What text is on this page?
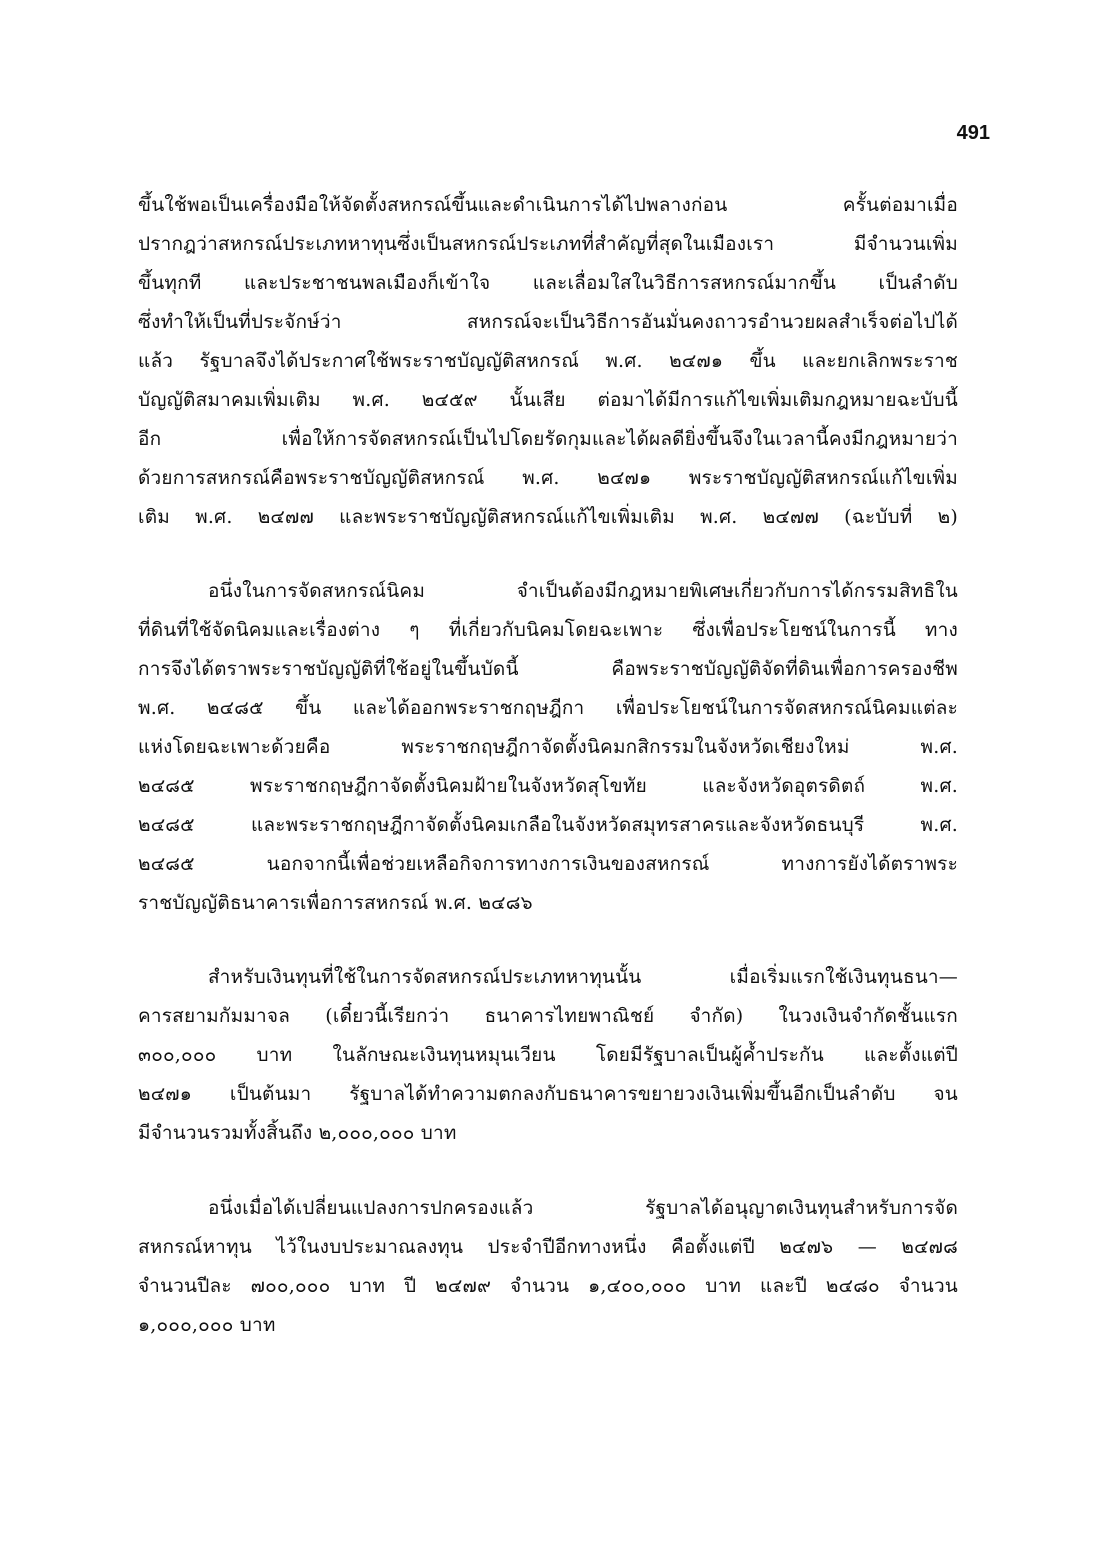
491
ขึ้นใช้พอเป็นเครื่องมือให้จัดตั้งสหกรณ์ขึ้นและดำเนินการได้ไปพลางก่อน ครั้นต่อมาเมื่อ
ปรากฎว่าสหกรณ์ประเภทหาทุนซึ่งเป็นสหกรณ์ประเภทที่สำคัญที่สุดในเมืองเรา มีจำนวนเพิ่ม
ขึ้นทุกที และประชาชนพลเมืองก็เข้าใจ และเลื่อมใสในวิธีการสหกรณ์มากขึ้น เป็นลำดับ
ซึ่งทำให้เป็นที่ประจักษ์ว่า สหกรณ์จะเป็นวิธีการอันมั่นคงถาวรอำนวยผลสำเร็จต่อไปได้
แล้ว รัฐบาลจึงได้ประกาศใช้พระราชบัญญัติสหกรณ์ พ.ศ. ๒๔๗๑ ขึ้น และยกเลิกพระราช
บัญญัติสมาคมเพิ่มเติม พ.ศ. ๒๔๕๙ นั้นเสีย ต่อมาได้มีการแก้ไขเพิ่มเติมกฎหมายฉะบับนี้
อีก เพื่อให้การจัดสหกรณ์เป็นไปโดยรัดกุมและได้ผลดียิ่งขึ้นจึงในเวลานี้คงมีกฎหมายว่า
ด้วยการสหกรณ์คือพระราชบัญญัติสหกรณ์ พ.ศ. ๒๔๗๑ พระราชบัญญัติสหกรณ์แก้ไขเพิ่ม
เติม พ.ศ. ๒๔๗๗ และพระราชบัญญัติสหกรณ์แก้ไขเพิ่มเติม พ.ศ. ๒๔๗๗ (ฉะบับที่ ๒)
อนึ่งในการจัดสหกรณ์นิคม จำเป็นต้องมีกฎหมายพิเศษเกี่ยวกับการได้กรรมสิทธิใน
ที่ดินที่ใช้จัดนิคมและเรื่องต่าง ๆ ที่เกี่ยวกับนิคมโดยฉะเพาะ ซึ่งเพื่อประโยชน์ในการนี้ ทาง
การจึงได้ตราพระราชบัญญัติที่ใช้อยู่ในขึ้นบัดนี้ คือพระราชบัญญัติจัดที่ดินเพื่อการครองชีพ
พ.ศ. ๒๔๘๕ ขึ้น และได้ออกพระราชกฤษฎีกา เพื่อประโยชน์ในการจัดสหกรณ์นิคมแต่ละ
แห่งโดยฉะเพาะด้วยคือ พระราชกฤษฎีกาจัดตั้งนิคมกสิกรรมในจังหวัดเชียงใหม่ พ.ศ.
๒๔๘๕ พระราชกฤษฎีกาจัดตั้งนิคมฝ้ายในจังหวัดสุโขทัย และจังหวัดอุตรดิตถ์ พ.ศ.
๒๔๘๕ และพระราชกฤษฎีกาจัดตั้งนิคมเกลือในจังหวัดสมุทรสาครและจังหวัดธนบุรี พ.ศ.
๒๔๘๕ นอกจากนี้เพื่อช่วยเหลือกิจการทางการเงินของสหกรณ์ ทางการยังได้ตราพระ
ราชบัญญัติธนาคารเพื่อการสหกรณ์ พ.ศ. ๒๔๘๖
สำหรับเงินทุนที่ใช้ในการจัดสหกรณ์ประเภทหาทุนนั้น เมื่อเริ่มแรกใช้เงินทุนธนา—
คารสยามกัมมาจล (เดี๋ยวนี้เรียกว่า ธนาคารไทยพาณิชย์ จำกัด) ในวงเงินจำกัดชั้นแรก
๓๐๐,๐๐๐ บาท ในลักษณะเงินทุนหมุนเวียน โดยมีรัฐบาลเป็นผู้ค้ำประกัน และตั้งแต่ปี
๒๔๗๑ เป็นต้นมา รัฐบาลได้ทำความตกลงกับธนาคารขยายวงเงินเพิ่มขึ้นอีกเป็นลำดับ จน
มีจำนวนรวมทั้งสิ้นถึง ๒,๐๐๐,๐๐๐ บาท
อนึ่งเมื่อได้เปลี่ยนแปลงการปกครองแล้ว รัฐบาลได้อนุญาตเงินทุนสำหรับการจัด
สหกรณ์หาทุน ไว้ในงบประมาณลงทุน ประจำปีอีกทางหนึ่ง คือตั้งแต่ปี ๒๔๗๖ — ๒๔๗๘
จำนวนปีละ ๗๐๐,๐๐๐ บาท ปี ๒๔๗๙ จำนวน ๑,๔๐๐,๐๐๐ บาท และปี ๒๔๘๐ จำนวน
๑,๐๐๐,๐๐๐ บาท
